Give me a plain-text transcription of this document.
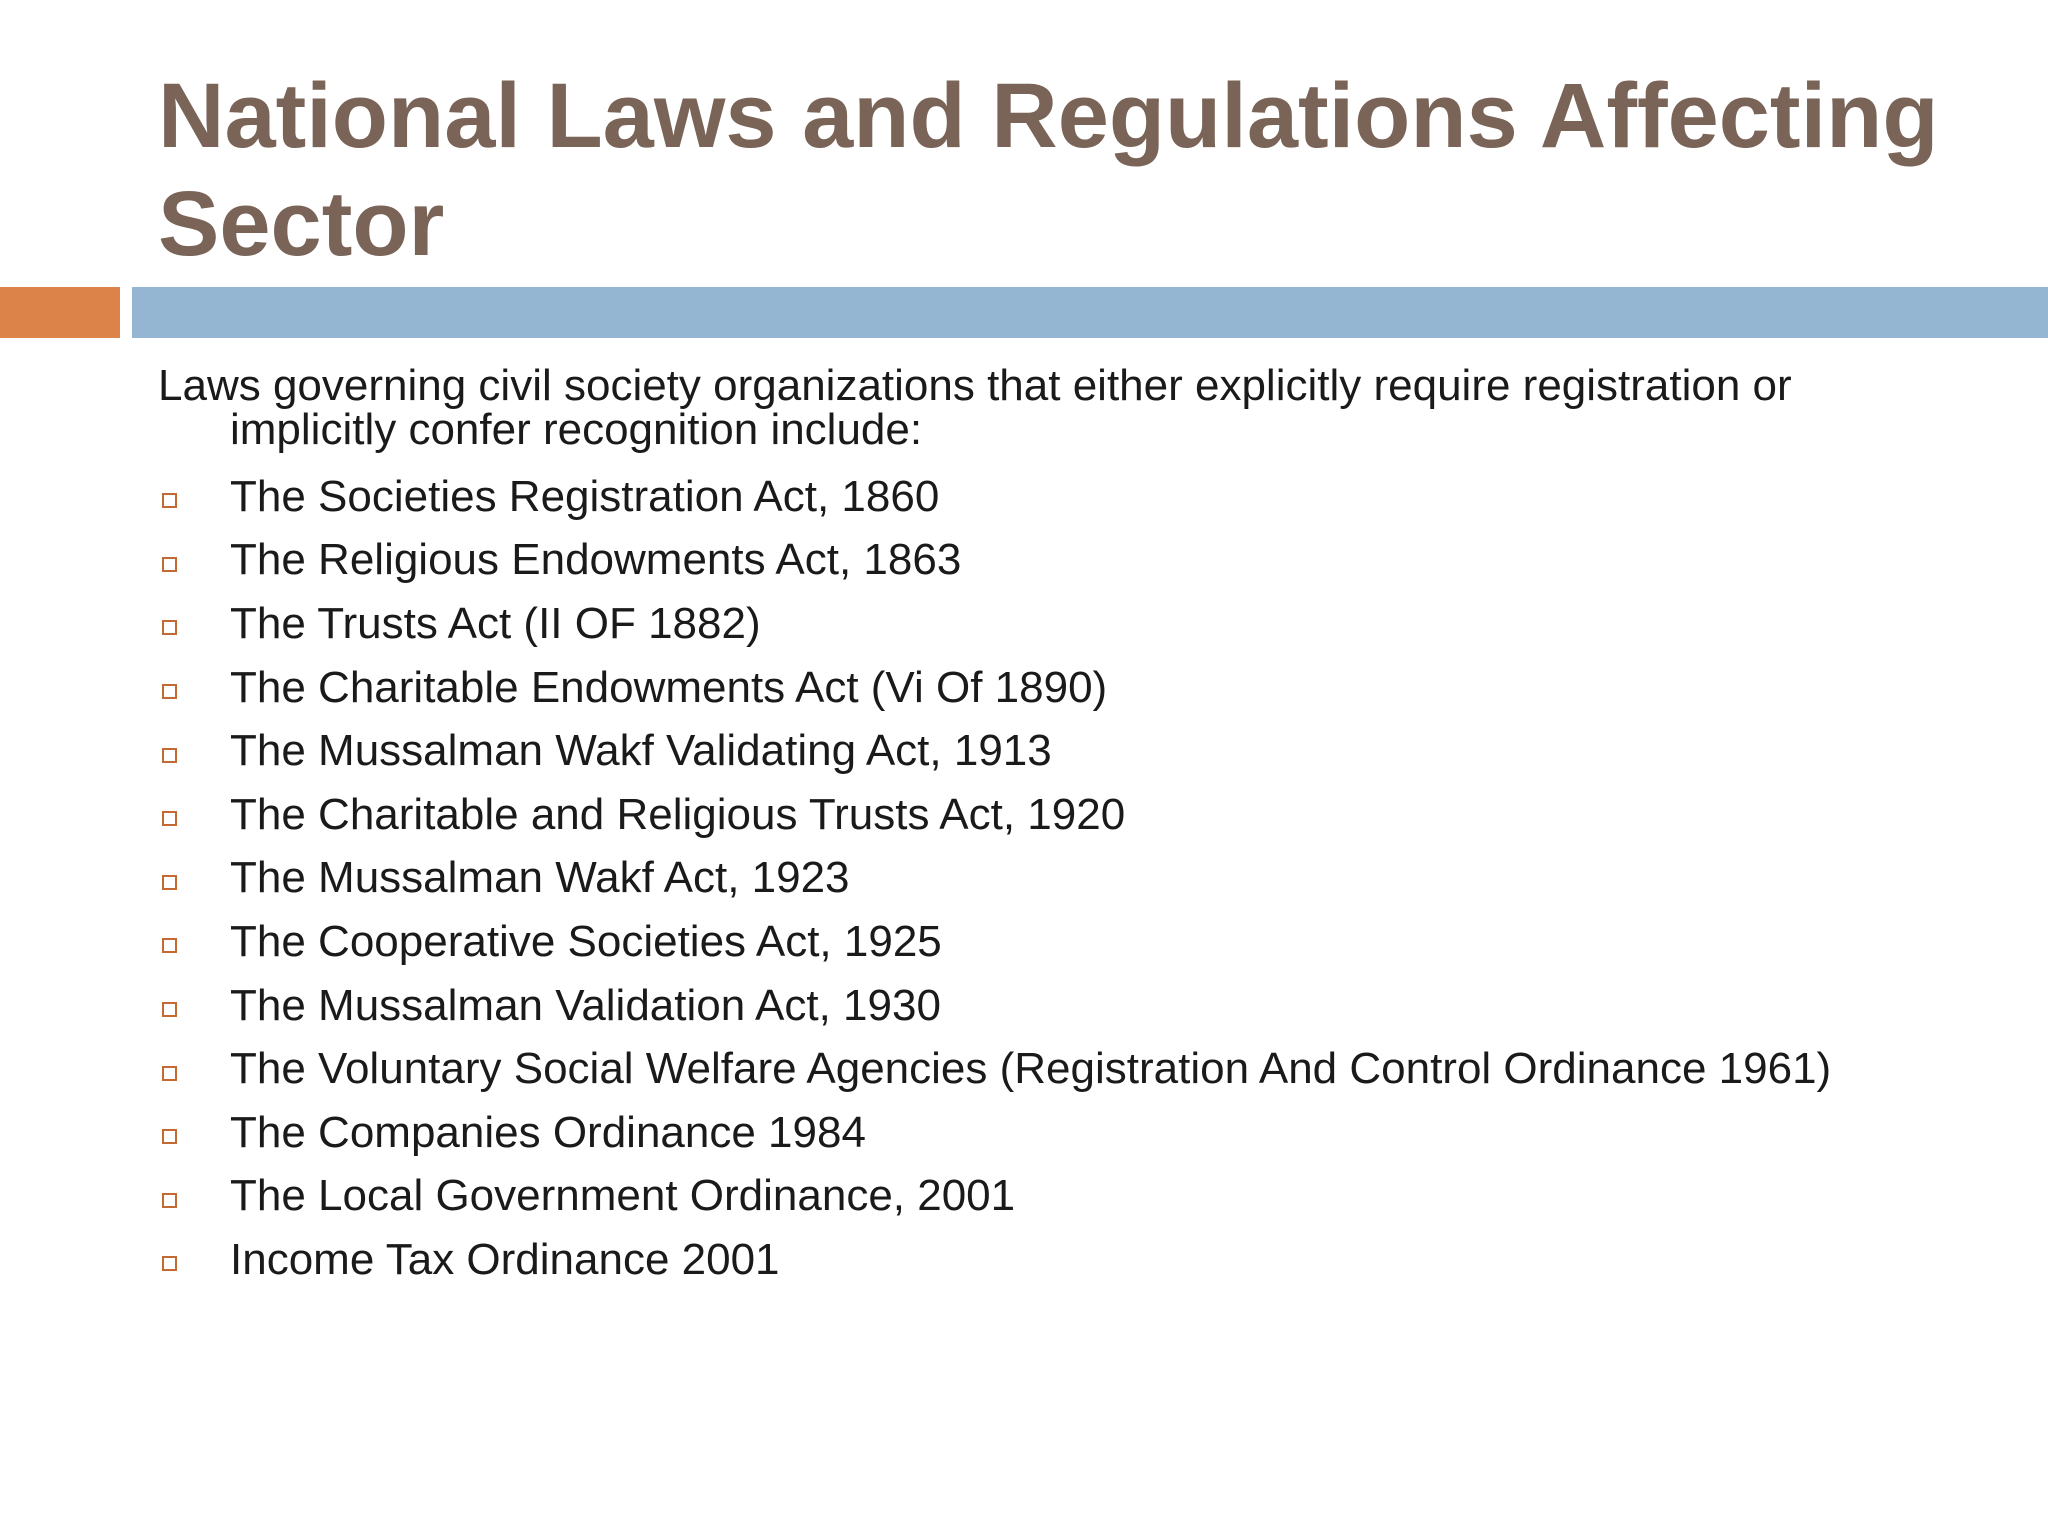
National Laws and Regulations Affecting Sector

Laws governing civil society organizations that either explicitly require registration or implicitly confer recognition include:

The Societies Registration Act, 1860
The Religious Endowments Act, 1863
The Trusts Act (II OF 1882)
The Charitable Endowments Act (Vi Of 1890)
The Mussalman Wakf Validating Act, 1913
The Charitable and Religious Trusts Act, 1920
The Mussalman Wakf Act, 1923
The Cooperative Societies Act, 1925
The Mussalman Validation Act, 1930
The Voluntary Social Welfare Agencies (Registration And Control Ordinance 1961)
The Companies Ordinance 1984
The Local Government Ordinance, 2001
Income Tax Ordinance 2001
